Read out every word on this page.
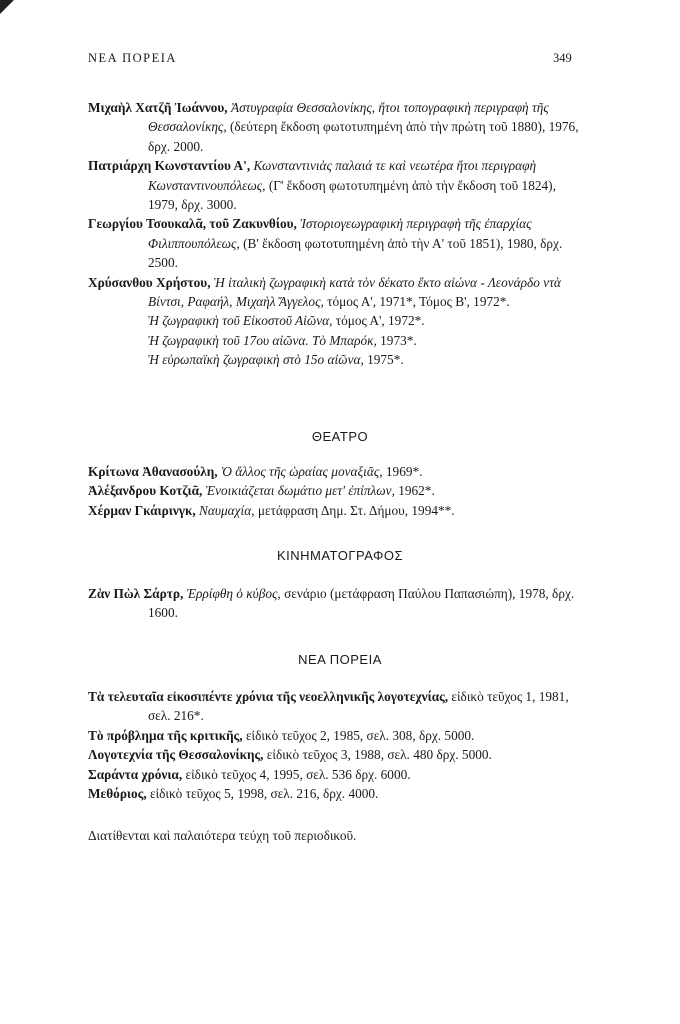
ΝΕΑ ΠΟΡΕΙΑ	349
Μιχαὴλ Χατζῆ Ἰωάννου, Ἀστυγραφία Θεσσαλονίκης, ἤτοι τοπογραφικὴ περιγραφὴ τῆς Θεσσαλονίκης, (δεύτερη ἔκδοση φωτοτυπημένη ἀπὸ τὴν πρώτη τοῦ 1880), 1976, δρχ. 2000.
Πατριάρχη Κωνσταντίου Α', Κωνσταντινιὰς παλαιά τε καὶ νεωτέρα ἤτοι περιγραφὴ Κωνσταντινουπόλεως, (Γ' ἔκδοση φωτοτυπημένη ἀπὸ τὴν ἔκδοση τοῦ 1824), 1979, δρχ. 3000.
Γεωργίου Τσουκαλᾶ, τοῦ Ζακυνθίου, Ἱστοριογεωγραφικὴ περιγραφὴ τῆς ἐπαρχίας Φιλιππουπόλεως, (Β' ἔκδοση φωτοτυπημένη ἀπὸ τὴν Α' τοῦ 1851), 1980, δρχ. 2500.
Χρύσανθου Χρήστου, Ἡ ἰταλικὴ ζωγραφικὴ κατὰ τὸν δέκατο ἕκτο αἰώνα - Λεονάρδο ντὰ Βίντσι, Ραφαήλ, Μιχαὴλ Ἄγγελος, τόμος Α', 1971*, Τόμος Β', 1972*.
Ἡ ζωγραφικὴ τοῦ Εἰκοστοῦ Αἰῶνα, τόμος Α', 1972*.
Ἡ ζωγραφικὴ τοῦ 17ου αἰῶνα. Τὸ Μπαρόκ, 1973*.
Ἡ εὐρωπαϊκὴ ζωγραφικὴ στὸ 15ο αἰῶνα, 1975*.
ΘΕΑΤΡΟ
Κρίτωνα Ἀθανασούλη, Ὁ ἄλλος τῆς ὡραίας μοναξιᾶς, 1969*.
Ἀλέξανδρου Κοτζιᾶ, Ἐνοικιάζεται δωμάτιο μετ' ἐπίπλων, 1962*.
Χέρμαν Γκάιρινγκ, Ναυμαχία, μετάφραση Δημ. Στ. Δήμου, 1994**.
ΚΙΝΗΜΑΤΟΓΡΑΦΟΣ
Ζὰν Πὼλ Σάρτρ, Ἐρρίφθη ὁ κύβος, σενάριο (μετάφραση Παύλου Παπασιώπη), 1978, δρχ. 1600.
ΝΕΑ ΠΟΡΕΙΑ
Τὰ τελευταῖα εἰκοσιπέντε χρόνια τῆς νεοελληνικῆς λογοτεχνίας, εἰδικὸ τεῦχος 1, 1981, σελ. 216*.
Τὸ πρόβλημα τῆς κριτικῆς, εἰδικὸ τεῦχος 2, 1985, σελ. 308, δρχ. 5000.
Λογοτεχνία τῆς Θεσσαλονίκης, εἰδικὸ τεῦχος 3, 1988, σελ. 480 δρχ. 5000.
Σαράντα χρόνια, εἰδικὸ τεῦχος 4, 1995, σελ. 536 δρχ. 6000.
Μεθόριος, εἰδικὸ τεῦχος 5, 1998, σελ. 216, δρχ. 4000.
Διατίθενται καὶ παλαιότερα τεύχη τοῦ περιοδικοῦ.
